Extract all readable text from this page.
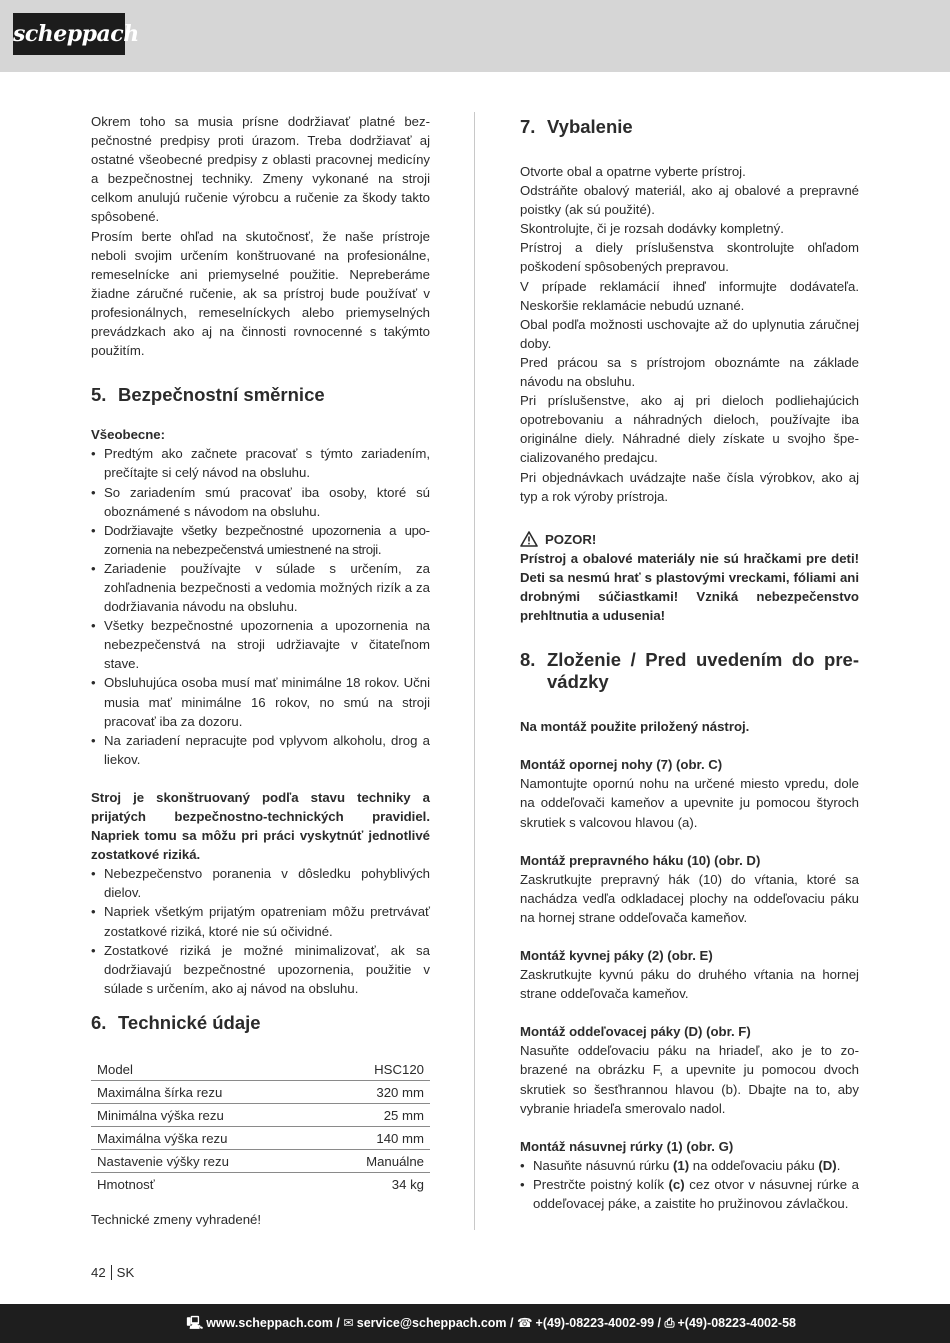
scheppach

Okrem toho sa musia prísne dodržiavať platné bezpečnostné predpisy proti úrazom. Treba dodržiavať aj ostatné všeobecné predpisy z oblasti pracovnej medicíny a bezpečnostnej techniky. Zmeny vykonané na stroji celkom anulujú ručenie výrobcu a ručenie za škody takto spôsobené.

Prosím berte ohľad na skutočnosť, že naše prístroje neboli svojim určením konštruované na profesionálne, remeselnícke ani priemyselné použitie. Nepreberáme žiadne záručné ručenie, ak sa prístroj bude používať v profesionálnych, remeselníckych alebo priemyselných prevádzkach ako aj na činnosti rovnocenné s takýmto použitím.

5. Bezpečnostní směrnice
Všeobecne:
• Predtým ako začnete pracovať s týmto zariadením, prečítajte si celý návod na obsluhu.
• So zariadením smú pracovať iba osoby, ktoré sú oboznámené s návodom na obsluhu.
• Dodržiavajte všetky bezpečnostné upozornenia a upozornenia na nebezpečenstvá umiestnené na stroji.
• Zariadenie používajte v súlade s určením, za zohľadnenia bezpečnosti a vedomia možných rizík a za dodržiavania návodu na obsluhu.
• Všetky bezpečnostné upozornenia a upozornenia na nebezpečenstvá na stroji udržiavajte v čitateľnom stave.
• Obsluhujúca osoba musí mať minimálne 18 rokov. Učni musia mať minimálne 16 rokov, no smú na stroji pracovať iba za dozoru.
• Na zariadení nepracujte pod vplyvom alkoholu, drog a liekov.

Stroj je skonštruovaný podľa stavu techniky a prijatých bezpečnostno-technických pravidiel. Napriek tomu sa môžu pri práci vyskytnúť jednotlivé zostatkové riziká.

• Nebezpečenstvo poranenia v dôsledku pohyblivých dielov.
• Napriek všetkým prijatým opatreniam môžu pretrvávať zostatkové riziká, ktoré nie sú očividné.
• Zostatkové riziká je možné minimalizovať, ak sa dodržiavajú bezpečnostné upozornenia, použitie v súlade s určením, ako aj návod na obsluhu.
6. Technické údaje
Model	HSC120
Maximálna šírka rezu	320 mm
Minimálna výška rezu	25 mm
Maximálna výška rezu	140 mm
Nastavenie výšky rezu	Manuálne
Hmotnosť	34 kg

Technické zmeny vyhradené!

7. Vybalenie

Otvorte obal a opatrne vyberte prístroj.

Odstráňte obalový materiál, ako aj obalové a prepravné poistky (ak sú použité).

Skontrolujte, či je rozsah dodávky kompletný.

Prístroj a diely príslušenstva skontrolujte ohľadom poškodení spôsobených prepravou.

V prípade reklamácií ihneď informujte dodávateľa. Neskoršie reklamácie nebudú uznané.

Obal podľa možnosti uschovajte až do uplynutia záručnej doby.

Pred prácou sa s prístrojom oboznámte na základe návodu na obsluhu.

Pri príslušenstve, ako aj pri dieloch podliehajúcich opotrebovaniu a náhradných dieloch, používajte iba originálne diely. Náhradné diely získate u svojho špecializovaného predajcu.

Pri objednávkach uvádzajte naše čísla výrobkov, ako aj typ a rok výroby prístroja.

POZOR!

Prístroj a obalové materiály nie sú hračkami pre deti! Deti sa nesmú hrať s plastovými vreckami, fóliami ani drobnými súčiastkami! Vzniká nebezpečenstvo prehltnutia a udusenia!

8. Zloženie / Pred uvedením do prevádzky

Na montáž použite priložený nástroj.

Montáž opornej nohy (7) (obr. C)

Namontujte opornú nohu na určené miesto vpredu, dole na oddeľovači kameňov a upevnite ju pomocou štyroch skrutiek s valcovou hlavou (a).

Montáž prepravného háku (10) (obr. D)

Zaskrutkujte prepravný hák (10) do vŕtania, ktoré sa nachádza vedľa odkladacej plochy na oddeľovaciu páku na hornej strane oddeľovača kameňov.

Montáž kyvnej páky (2) (obr. E)

Zaskrutkujte kyvnú páku do druhého vŕtania na hornej strane oddeľovača kameňov.

Montáž oddeľovacej páky (D) (obr. F)

Nasuňte oddeľovaciu páku na hriadeľ, ako je to zobrazené na obrázku F, a upevnite ju pomocou dvoch skrutiek so šesťhrannou hlavou (b). Dbajte na to, aby vybranie hriadeľa smerovalo nadol.

Montáž násuvnej rúrky (1) (obr. G)
• Nasuňte násuvnú rúrku (1) na oddeľovaciu páku (D).
• Prestrčte poistný kolík (c) cez otvor v násuvnej rúrke a oddeľovacej páke, a zaistite ho pružinovou závlačkou.
42 SK
🖳 www.scheppach.com / ✉ service@scheppach.com / ☎ +(49)-08223-4002-99 / ⎙ +(49)-08223-4002-58
